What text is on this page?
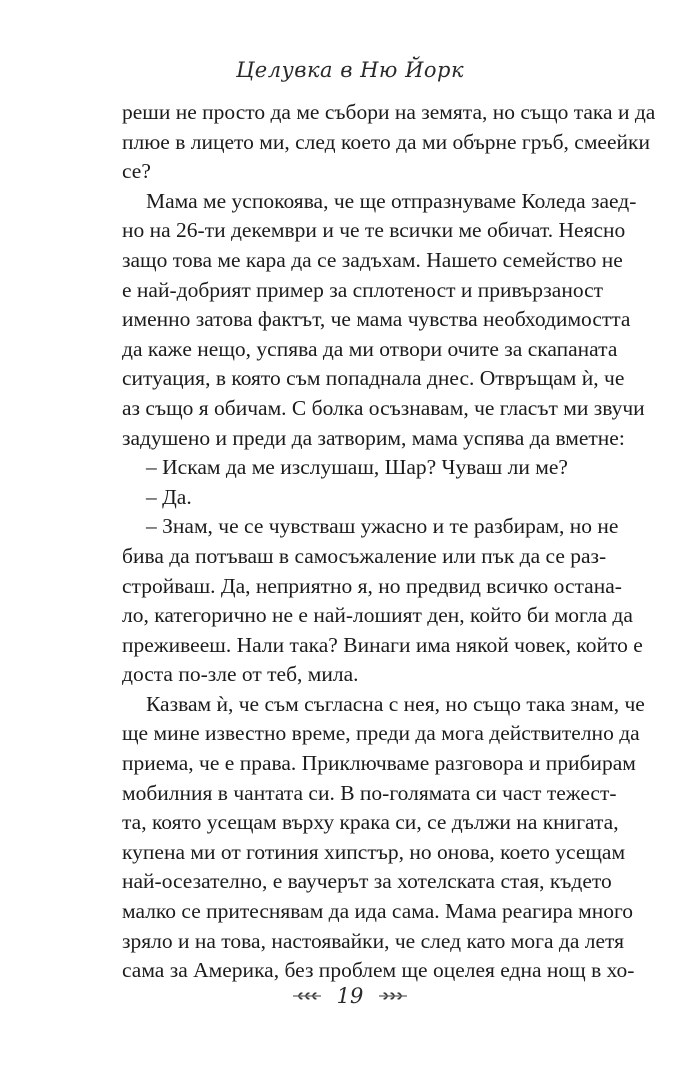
Целувка в Ню Йорк
реши не просто да ме събори на земята, но също така и да
плюе в лицето ми, след което да ми обърне гръб, смеейки
се?
Мама ме успокоява, че ще отпразнуваме Коледа заед-
но на 26-ти декември и че те всички ме обичат. Неясно
защо това ме кара да се задъхам. Нашето семейство не
е най-добрият пример за сплотеност и привързаност
именно затова фактът, че мама чувства необходимостта
да кажe нещо, успява да ми отвори очите за скапаната
ситуация, в която съм попаднала днес. Отвръщам ѝ, че
аз също я обичам. С болка осъзнавам, че гласът ми звучи
задушено и преди да затворим, мама успява да вметне:
– Искам да ме изслушаш, Шар? Чуваш ли ме?
– Да.
– Знам, че се чувстваш ужасно и те разбирам, но не
бива да потъваш в самосъжаление или пък да се раз-
стройваш. Да, неприятно я, но предвид всичко остана-
ло, категорично не е най-лошият ден, който би могла да
преживееш. Нали така? Винаги има някой човек, който е
доста по-зле от теб, мила.
Казвам ѝ, че съм съгласна с нея, но също така знам, че
ще мине известно време, преди да мога действително да
приема, че е права. Приключваме разговора и прибирам
мобилния в чантата си. В по-голямата си част тежест-
та, която усещам върху крака си, се дължи на книгата,
купена ми от готиния хипстър, но онова, което усещам
най-осезателно, е ваучерът за хотелската стая, където
малко се притеснявам да ида сама. Мама реагира много
зряло и на това, настоявайки, че след като мога да летя
сама за Америка, без проблем ще оцелея една нощ в хо-
19
